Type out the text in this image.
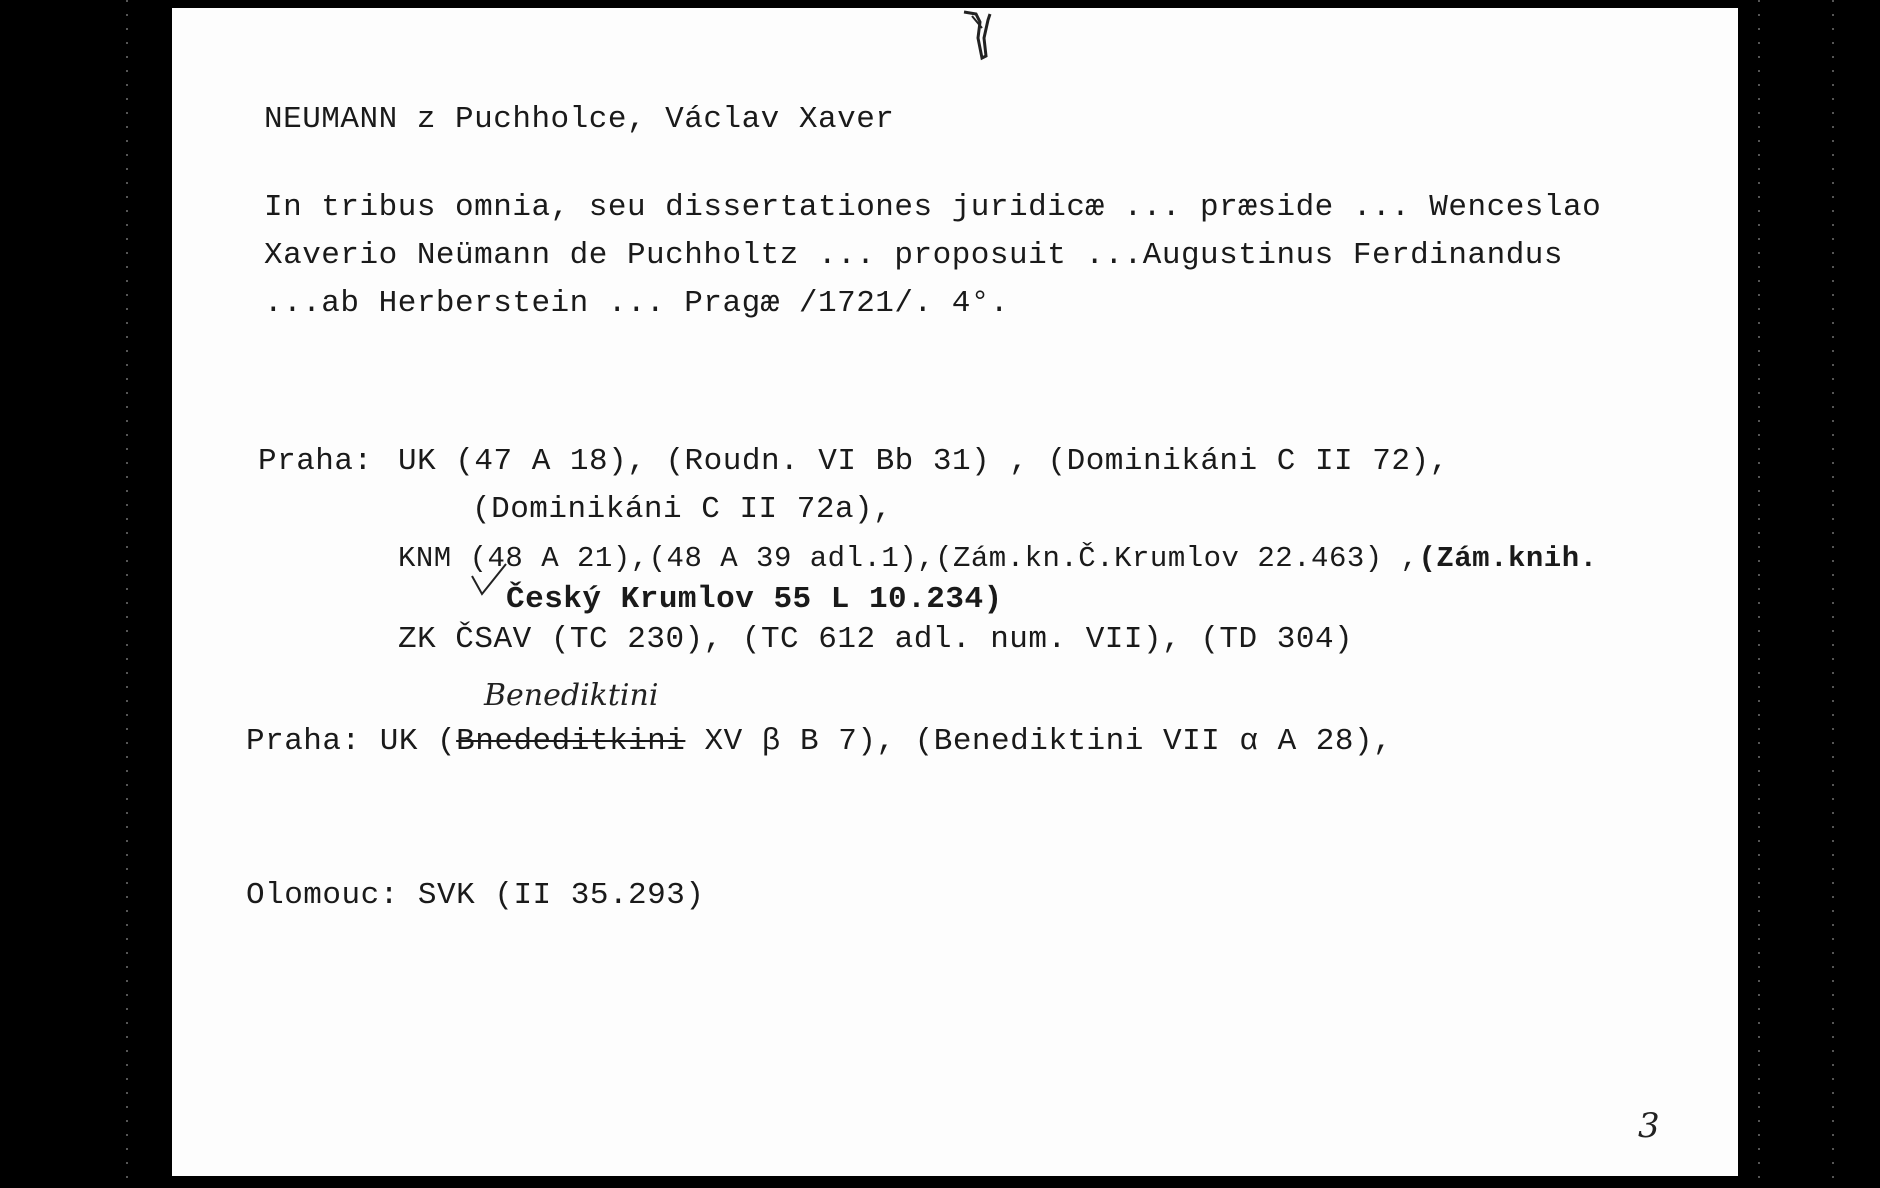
NEUMANN z Puchholce, Václav Xaver
In tribus omnia, seu dissertationes juridicæ ... præside ... Wenceslao
Xaverio Neümann de Puchholtz ... proposuit ...Augustinus Ferdinandus
...ab Herberstein ... Pragæ /1721/. 4°.
Praha: UK (47 A 18), (Roudn. VI Bb 31) , (Dominikáni C II 72),
(Dominikáni C II 72a),
KNM (48 A 21),(48 A 39 adl.1),(Zám.kn.Č.Krumlov 22.463) ,(Zám.knih.
Český Krumlov 55 L 10.234)
ZK ČSAV (TC 230), (TC 612 adl. num. VII), (TD 304)
Benediktini
Praha: UK (Bnededitkini XV β B 7), (Benediktini VII α A 28),
Olomouc: SVK (II 35.293)
3
